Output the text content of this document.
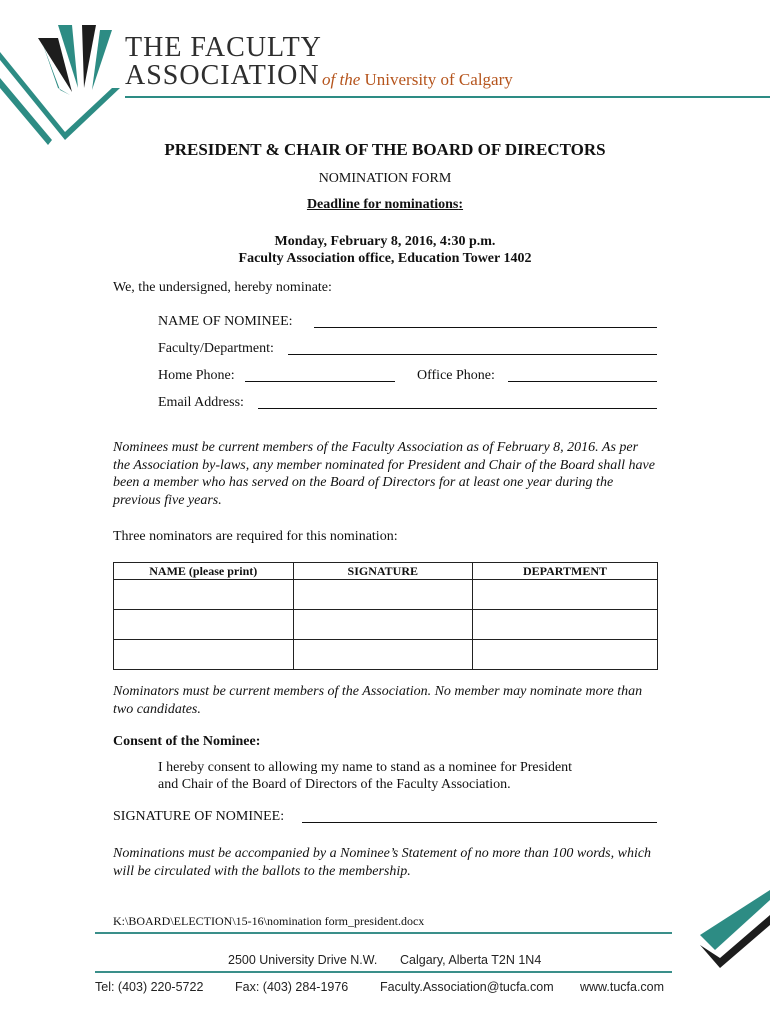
THE FACULTY
ASSOCIATION of the University of Calgary
PRESIDENT & CHAIR OF THE BOARD OF DIRECTORS
NOMINATION FORM
Deadline for nominations:
Monday, February 8, 2016, 4:30 p.m.
Faculty Association office, Education Tower 1402
We, the undersigned, hereby nominate:
NAME OF NOMINEE:
Faculty/Department:
Home Phone:	Office Phone:
Email Address:
Nominees must be current members of the Faculty Association as of February 8, 2016. As per the Association by-laws, any member nominated for President and Chair of the Board shall have been a member who has served on the Board of Directors for at least one year during the previous five years.
Three nominators are required for this nomination:
NAME (please print)	SIGNATURE	DEPARTMENT

Nominators must be current members of the Association. No member may nominate more than two candidates.
Consent of the Nominee:
I hereby consent to allowing my name to stand as a nominee for President
and Chair of the Board of Directors of the Faculty Association.
SIGNATURE OF NOMINEE:
Nominations must be accompanied by a Nominee’s Statement of no more than 100 words, which will be circulated with the ballots to the membership.
K:\BOARD\ELECTION\15-16\nomination form_president.docx
2500 University Drive N.W. Calgary, Alberta T2N 1N4
Tel: (403) 220-5722	Fax: (403) 284-1976	Faculty.Association@tucfa.com www.tucfa.com
